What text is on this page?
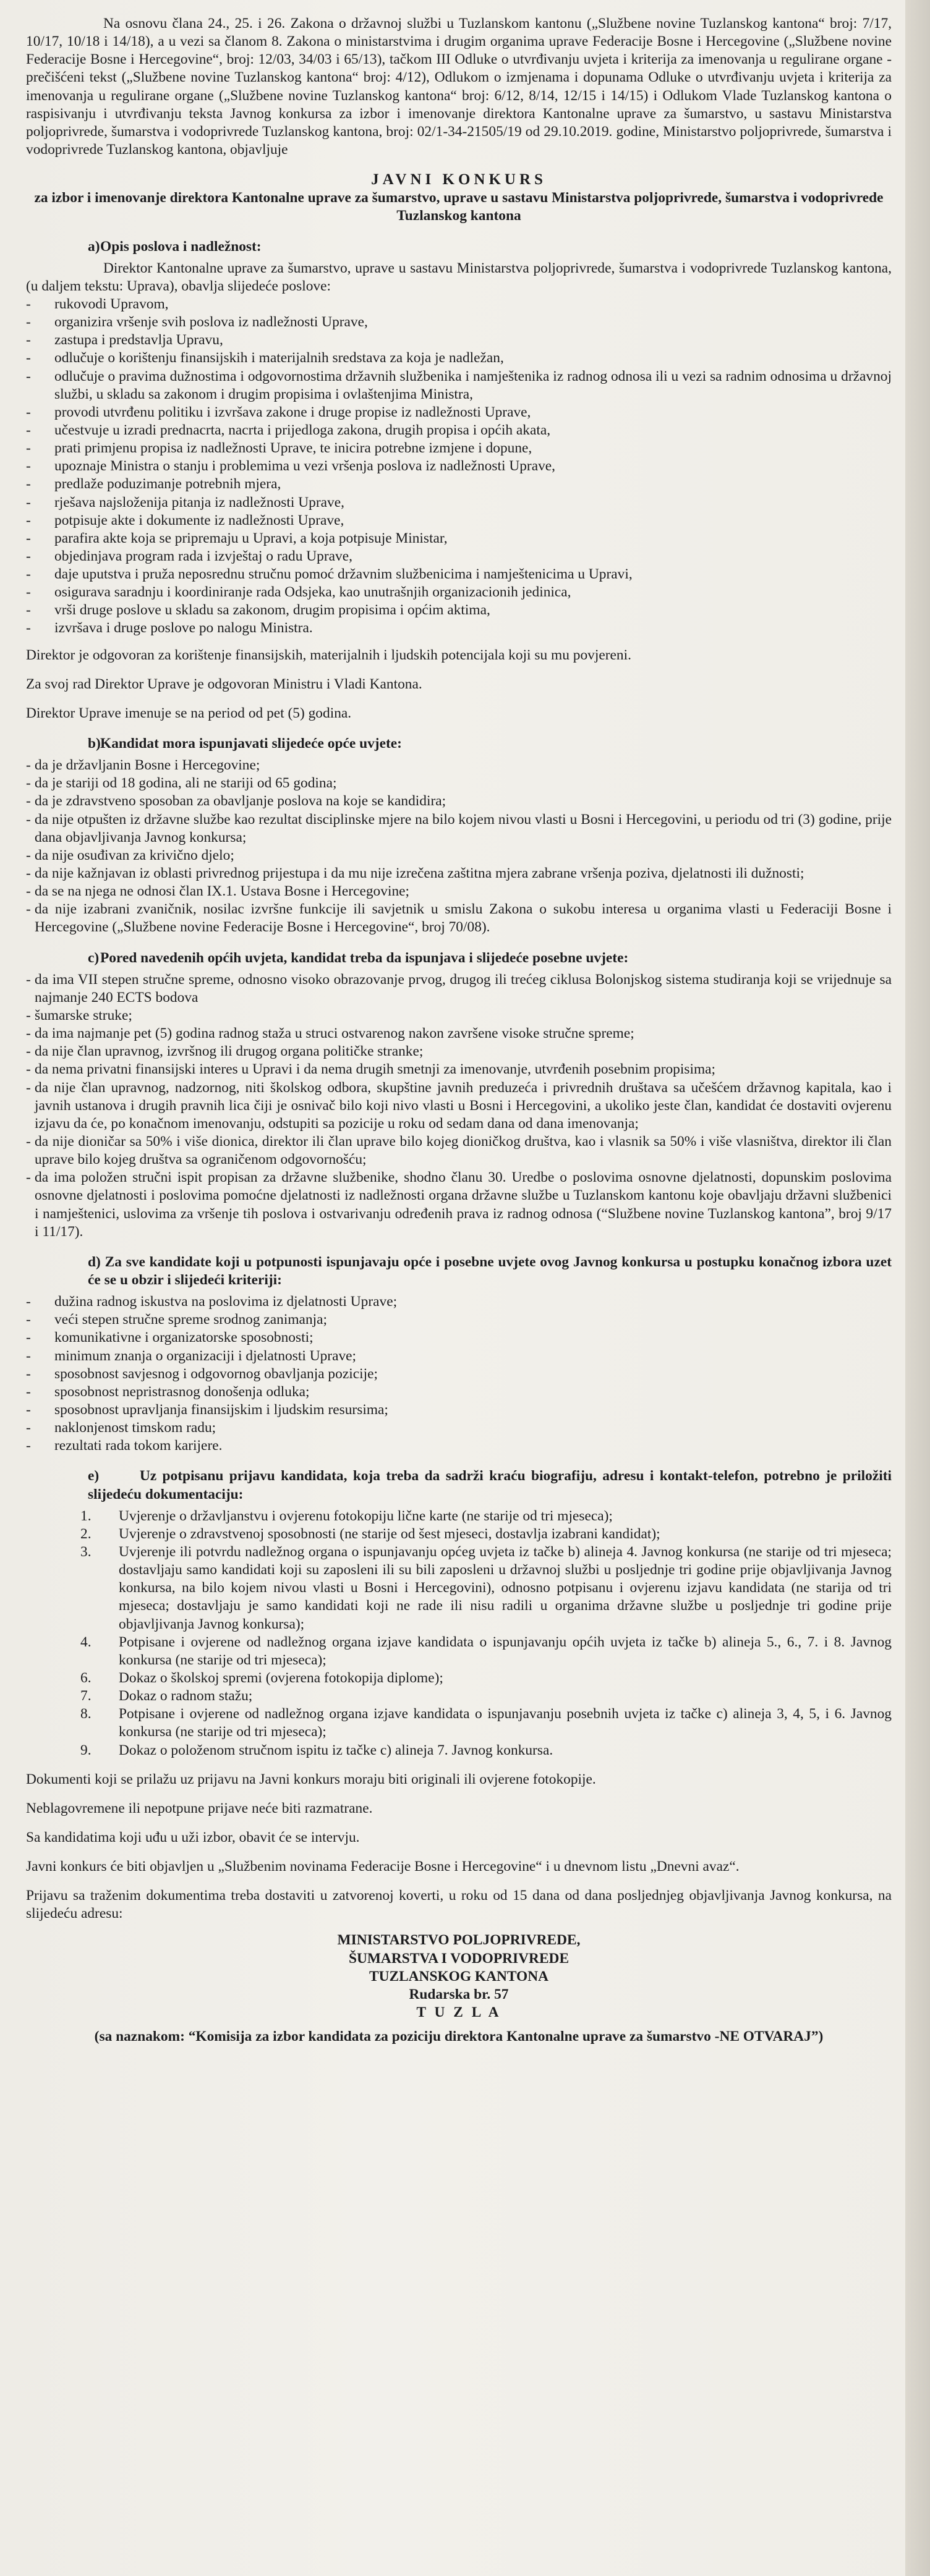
Na osnovu člana 24., 25. i 26. Zakona o državnoj službi u Tuzlanskom kantonu („Službene novine Tuzlanskog kantona“ broj: 7/17, 10/17, 10/18 i 14/18), a u vezi sa članom 8. Zakona o ministarstvima i drugim organima uprave Federacije Bosne i Hercegovine („Službene novine Federacije Bosne i Hercegovine“, broj: 12/03, 34/03 i 65/13), tačkom III Odluke o utvrđivanju uvjeta i kriterija za imenovanja u regulirane organe - prečišćeni tekst („Službene novine Tuzlanskog kantona“ broj: 4/12), Odlukom o izmjenama i dopunama Odluke o utvrđivanju uvjeta i kriterija za imenovanja u regulirane organe („Službene novine Tuzlanskog kantona“ broj: 6/12, 8/14, 12/15 i 14/15) i Odlukom Vlade Tuzlanskog kantona o raspisivanju i utvrđivanju teksta Javnog konkursa za izbor i imenovanje direktora Kantonalne uprave za šumarstvo, u sastavu Ministarstva poljoprivrede, šumarstva i vodoprivrede Tuzlanskog kantona, broj: 02/1-34-21505/19 od 29.10.2019. godine, Ministarstvo poljoprivrede, šumarstva i vodoprivrede Tuzlanskog kantona, objavljuje

JAVNI KONKURS

za izbor i imenovanje direktora Kantonalne uprave za šumarstvo, uprave u sastavu Ministarstva poljoprivrede, šumarstva i vodoprivrede Tuzlanskog kantona

a)Opis poslova i nadležnost:

Direktor Kantonalne uprave za šumarstvo, uprave u sastavu Ministarstva poljoprivrede, šumarstva i vodoprivrede Tuzlanskog kantona, (u daljem tekstu: Uprava), obavlja slijedeće poslove:

- rukovodi Upravom,
- organizira vršenje svih poslova iz nadležnosti Uprave,
- zastupa i predstavlja Upravu,
- odlučuje o korištenju finansijskih i materijalnih sredstava za koja je nadležan,
- odlučuje o pravima dužnostima i odgovornostima državnih službenika i namještenika iz radnog odnosa ili u vezi sa radnim odnosima u državnoj službi, u skladu sa zakonom i drugim propisima i ovlaštenjima Ministra,
- provodi utvrđenu politiku i izvršava zakone i druge propise iz nadležnosti Uprave,
- učestvuje u izradi prednacrta, nacrta i prijedloga zakona, drugih propisa i općih akata,
- prati primjenu propisa iz nadležnosti Uprave, te inicira potrebne izmjene i dopune,
- upoznaje Ministra o stanju i problemima u vezi vršenja poslova iz nadležnosti Uprave,
- predlaže poduzimanje potrebnih mjera,
- rješava najsloženija pitanja iz nadležnosti Uprave,
- potpisuje akte i dokumente iz nadležnosti Uprave,
- parafira akte koja se pripremaju u Upravi, a koja potpisuje Ministar,
- objedinjava program rada i izvještaj o radu Uprave,
- daje uputstva i pruža neposrednu stručnu pomoć državnim službenicima i namještenicima u Upravi,
- osigurava saradnju i koordiniranje rada Odsjeka, kao unutrašnjih organizacionih jedinica,
- vrši druge poslove u skladu sa zakonom, drugim propisima i općim aktima,
- izvršava i druge poslove po nalogu Ministra.

Direktor je odgovoran za korištenje finansijskih, materijalnih i ljudskih potencijala koji su mu povjereni.

Za svoj rad Direktor Uprave je odgovoran Ministru i Vladi Kantona.

Direktor Uprave imenuje se na period od pet (5) godina.

b)Kandidat mora ispunjavati slijedeće opće uvjete:

- da je državljanin Bosne i Hercegovine;
- da je stariji od 18 godina, ali ne stariji od 65 godina;
- da je zdravstveno sposoban za obavljanje poslova na koje se kandidira;
- da nije otpušten iz državne službe kao rezultat disciplinske mjere na bilo kojem nivou vlasti u Bosni i Hercegovini, u periodu od tri (3) godine, prije dana objavljivanja Javnog konkursa;
- da nije osuđivan za krivično djelo;
- da nije kažnjavan iz oblasti privrednog prijestupa i da mu nije izrečena zaštitna mjera zabrane vršenja poziva, djelatnosti ili dužnosti;
- da se na njega ne odnosi član IX.1. Ustava Bosne i Hercegovine;
- da nije izabrani zvaničnik, nosilac izvršne funkcije ili savjetnik u smislu Zakona o sukobu interesa u organima vlasti u Federaciji Bosne i Hercegovine („Službene novine Federacije Bosne i Hercegovine“, broj 70/08).

c)Pored navedenih općih uvjeta, kandidat treba da ispunjava i slijedeće posebne uvjete:

- da ima VII stepen stručne spreme, odnosno visoko obrazovanje prvog, drugog ili trećeg ciklusa Bolonjskog sistema studiranja koji se vrijednuje sa najmanje 240 ECTS bodova
- šumarske struke;
- da ima najmanje pet (5) godina radnog staža u struci ostvarenog nakon završene visoke stručne spreme;
- da nije član upravnog, izvršnog ili drugog organa političke stranke;
- da nema privatni finansijski interes u Upravi i da nema drugih smetnji za imenovanje, utvrđenih posebnim propisima;
- da nije član upravnog, nadzornog, niti školskog odbora, skupštine javnih preduzeća i privrednih društava sa učešćem državnog kapitala, kao i javnih ustanova i drugih pravnih lica čiji je osnivač bilo koji nivo vlasti u Bosni i Hercegovini, a ukoliko jeste član, kandidat će dostaviti ovjerenu izjavu da će, po konačnom imenovanju, odstupiti sa pozicije u roku od sedam dana od dana imenovanja;
- da nije dioničar sa 50% i više dionica, direktor ili član uprave bilo kojeg dioničkog društva, kao i vlasnik sa 50% i više vlasništva, direktor ili član uprave bilo kojeg društva sa ograničenom odgovornošću;
- da ima položen stručni ispit propisan za državne službenike, shodno članu 30. Uredbe o poslovima osnovne djelatnosti, dopunskim poslovima osnovne djelatnosti i poslovima pomoćne djelatnosti iz nadležnosti organa državne službe u Tuzlanskom kantonu koje obavljaju državni službenici i namještenici, uslovima za vršenje tih poslova i ostvarivanju određenih prava iz radnog odnosa (“Službene novine Tuzlanskog kantona”, broj 9/17 i 11/17).

d) Za sve kandidate koji u potpunosti ispunjavaju opće i posebne uvjete ovog Javnog konkursa u postupku konačnog izbora uzet će se u obzir i slijedeći kriteriji:

- dužina radnog iskustva na poslovima iz djelatnosti Uprave;
- veći stepen stručne spreme srodnog zanimanja;
- komunikativne i organizatorske sposobnosti;
- minimum znanja o organizaciji i djelatnosti Uprave;
- sposobnost savjesnog i odgovornog obavljanja pozicije;
- sposobnost nepristrasnog donošenja odluka;
- sposobnost upravljanja finansijskim i ljudskim resursima;
- naklonjenost timskom radu;
- rezultati rada tokom karijere.

e)	Uz potpisanu prijavu kandidata, koja treba da sadrži kraću biografiju, adresu i kontakt-telefon, potrebno je priložiti slijedeću dokumentaciju:

1. Uvjerenje o državljanstvu i ovjerenu fotokopiju lične karte (ne starije od tri mjeseca);
2. Uvjerenje o zdravstvenoj sposobnosti (ne starije od šest mjeseci, dostavlja izabrani kandidat);
3. Uvjerenje ili potvrdu nadležnog organa o ispunjavanju općeg uvjeta iz tačke b) alineja 4. Javnog konkursa (ne starije od tri mjeseca; dostavljaju samo kandidati koji su zaposleni ili su bili zaposleni u državnoj službi u posljednje tri godine prije objavljivanja Javnog konkursa, na bilo kojem nivou vlasti u Bosni i Hercegovini), odnosno potpisanu i ovjerenu izjavu kandidata (ne starija od tri mjeseca; dostavljaju je samo kandidati koji ne rade ili nisu radili u organima državne službe u posljednje tri godine prije objavljivanja Javnog konkursa);
4. Potpisane i ovjerene od nadležnog organa izjave kandidata o ispunjavanju općih uvjeta iz tačke b) alineja 5., 6., 7. i 8. Javnog konkursa (ne starije od tri mjeseca);
6. Dokaz o školskoj spremi (ovjerena fotokopija diplome);
7. Dokaz o radnom stažu;
8. Potpisane i ovjerene od nadležnog organa izjave kandidata o ispunjavanju posebnih uvjeta iz tačke c) alineja 3, 4, 5, i 6. Javnog konkursa (ne starije od tri mjeseca);
9. Dokaz o položenom stručnom ispitu iz tačke c) alineja 7. Javnog konkursa.

Dokumenti koji se prilažu uz prijavu na Javni konkurs moraju biti originali ili ovjerene fotokopije.

Neblagovremene ili nepotpune prijave neće biti razmatrane.

Sa kandidatima koji uđu u uži izbor, obavit će se intervju.

Javni konkurs će biti objavljen u „Službenim novinama Federacije Bosne i Hercegovine“ i u dnevnom listu „Dnevni avaz“.

Prijavu sa traženim dokumentima treba dostaviti u zatvorenoj koverti, u roku od 15 dana od dana posljednjeg objavljivanja Javnog konkursa, na slijedeću adresu:

MINISTARSTVO POLJOPRIVREDE,

ŠUMARSTVA I VODOPRIVREDE

TUZLANSKOG KANTONA

Rudarska br. 57

T U Z L A

(sa naznakom: “Komisija za izbor kandidata za poziciju direktora Kantonalne uprave za šumarstvo -NE OTVARAJ”)
